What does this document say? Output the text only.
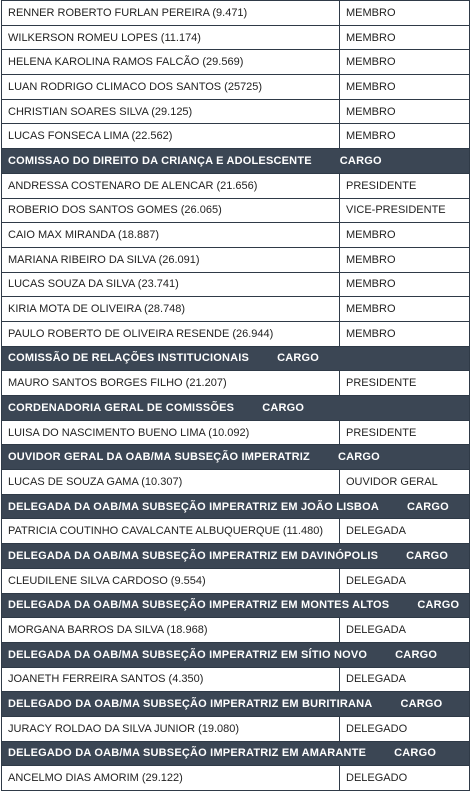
RENNER ROBERTO FURLAN PEREIRA (9.471)	MEMBRO
WILKERSON ROMEU LOPES (11.174)	MEMBRO
HELENA KAROLINA RAMOS FALCÃO (29.569)	MEMBRO
LUAN RODRIGO CLIMACO DOS SANTOS (25725)	MEMBRO
CHRISTIAN SOARES SILVA (29.125)	MEMBRO
LUCAS FONSECA LIMA (22.562)	MEMBRO
COMISSAO DO DIREITO DA CRIANÇA E ADOLESCENTE CARGO	
ANDRESSA COSTENARO DE ALENCAR (21.656)	PRESIDENTE
ROBERIO DOS SANTOS GOMES (26.065)	VICE-PRESIDENTE
CAIO MAX MIRANDA (18.887)	MEMBRO
MARIANA RIBEIRO DA SILVA (26.091)	MEMBRO
LUCAS SOUZA DA SILVA (23.741)	MEMBRO
KIRIA MOTA DE OLIVEIRA (28.748)	MEMBRO
PAULO ROBERTO DE OLIVEIRA RESENDE (26.944)	MEMBRO
COMISSÃO DE RELAÇÕES INSTITUCIONAIS CARGO	
MAURO SANTOS BORGES FILHO (21.207)	PRESIDENTE
CORDENADORIA GERAL DE COMISSÕES CARGO	
LUISA DO NASCIMENTO BUENO LIMA (10.092)	PRESIDENTE
OUVIDOR GERAL DA OAB/MA SUBSEÇÃO IMPERATRIZ CARGO	
LUCAS DE SOUZA GAMA (10.307)	OUVIDOR GERAL
DELEGADA DA OAB/MA SUBSEÇÃO IMPERATRIZ EM JOÃO LISBOA CARGO	
PATRICIA COUTINHO CAVALCANTE ALBUQUERQUE (11.480)	DELEGADA
DELEGADA DA OAB/MA SUBSEÇÃO IMPERATRIZ EM DAVINÓPOLIS CARGO	
CLEUDILENE SILVA CARDOSO (9.554)	DELEGADA
DELEGADA DA OAB/MA SUBSEÇÃO IMPERATRIZ EM MONTES ALTOS CARGO	
MORGANA BARROS DA SILVA (18.968)	DELEGADA
DELEGADA DA OAB/MA SUBSEÇÃO IMPERATRIZ EM SÍTIO NOVO CARGO	
JOANETH FERREIRA SANTOS (4.350)	DELEGADA
DELEGADO DA OAB/MA SUBSEÇÃO IMPERATRIZ EM BURITIRANA CARGO	
JURACY ROLDAO DA SILVA JUNIOR (19.080)	DELEGADO
DELEGADO DA OAB/MA SUBSEÇÃO IMPERATRIZ EM AMARANTE CARGO	
ANCELMO DIAS AMORIM (29.122)	DELEGADO
